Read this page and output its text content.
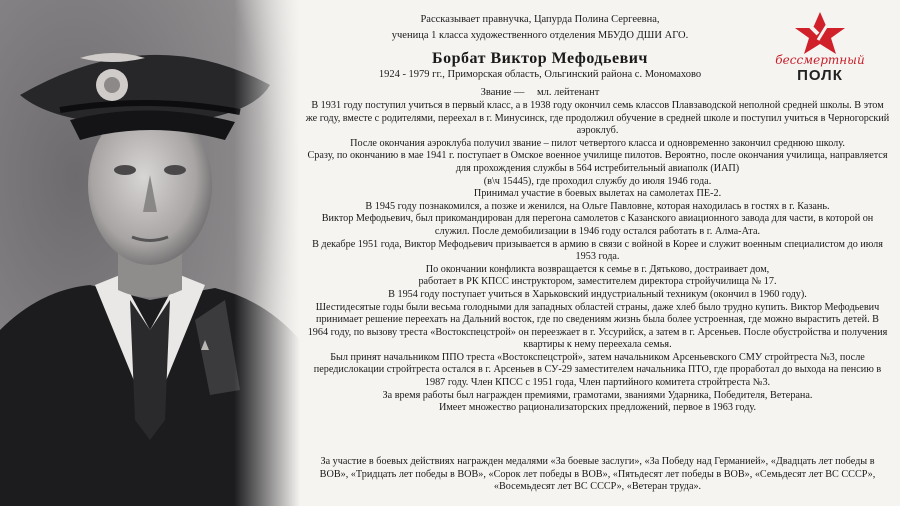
Рассказывает правнучка, Цапурда Полина Сергеевна,
ученица 1 класса художественного отделения МБУДО ДШИ АГО.
Борбат Виктор Мефодьевич
1924 - 1979 гг., Приморская область, Ольгинский района с. Мономахово
Звание — мл. лейтенант
бессмертный
ПОЛК

В 1931 году поступил учиться в первый класс, а в 1938 году окончил семь классов Плавзаводской неполной средней школы. В этом же году, вместе с родителями, переехал в г. Минусинск, где продолжил обучение в средней школе и поступил учиться в Черногорский аэроклуб.

После окончания аэроклуба получил звание – пилот четвертого класса и одновременно закончил среднюю школу.

Сразу, по окончанию в мае 1941 г. поступает в Омское военное училище пилотов. Вероятно, после окончания училища, направляется для прохождения службы в 564 истребительный авиаполк (ИАП)

(в\ч 15445), где проходил службу до июля 1946 года.

Принимал участие в боевых вылетах на самолетах ПЕ-2.

В 1945 году познакомился, а позже и женился, на Ольге Павловне, которая находилась в гостях в г. Казань.

Виктор Мефодьевич, был прикомандирован для перегона самолетов с Казанского авиационного завода для части, в которой он служил. После демобилизации в 1946 году остался работать в г. Алма-Ата.

В декабре 1951 года, Виктор Мефодьевич призывается в армию в связи с войной в Корее и служит военным специалистом до июля 1953 года.

По окончании конфликта возвращается к семье в г. Дятьково, достраивает дом,

работает в РК КПСС инструктором, заместителем директора стройучилища № 17.

В 1954 году поступает учиться в Харьковский индустриальный техникум (окончил в 1960 году).

Шестидесятые годы были весьма голодными для западных областей страны, даже хлеб было трудно купить. Виктор Мефодьевич принимает решение переехать на Дальний восток, где по сведениям жизнь была более устроенная, где можно вырастить детей. В 1964 году, по вызову треста «Востокспецстрой» он переезжает в г. Уссурийск, а затем в г. Арсеньев. После обустройства и получения квартиры к нему переехала семья.

Был принят начальником ППО треста «Востокспецстрой», затем начальником Арсеньевского СМУ стройтреста №3, после передислокации стройтреста остался в г. Арсеньев в СУ-29 заместителем начальника ПТО, где проработал до выхода на пенсию в 1987 году. Член КПСС с 1951 года, Член партийного комитета стройтреста №3.

За время работы был награжден премиями, грамотами, званиями Ударника, Победителя, Ветерана.

Имеет множество рационализаторских предложений, первое в 1963 году.

За участие в боевых действиях награжден медалями «За боевые заслуги», «За Победу над Германией», «Двадцать лет победы в ВОВ», «Тридцать лет победы в ВОВ», «Сорок лет победы в ВОВ», «Пятьдесят лет победы в ВОВ», «Семьдесят лет ВС СССР», «Восемьдесят лет ВС СССР», «Ветеран труда».
